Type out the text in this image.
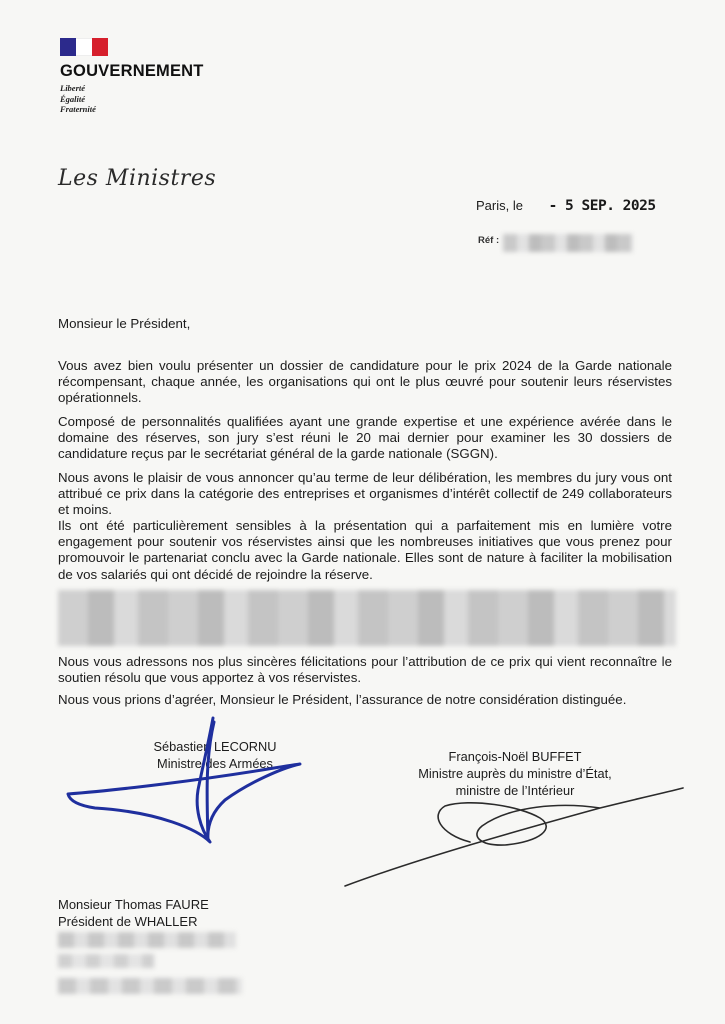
GOUVERNEMENT
Liberté
Égalité
Fraternité
Les Ministres
Paris, le - 5 SEP. 2025
Réf :
Monsieur le Président,
Vous avez bien voulu présenter un dossier de candidature pour le prix 2024 de la Garde nationale récompensant, chaque année, les organisations qui ont le plus œuvré pour soutenir leurs réservistes opérationnels.
Composé de personnalités qualifiées ayant une grande expertise et une expérience avérée dans le domaine des réserves, son jury s’est réuni le 20 mai dernier pour examiner les 30 dossiers de candidature reçus par le secrétariat général de la garde nationale (SGGN).
Nous avons le plaisir de vous annoncer qu’au terme de leur délibération, les membres du jury vous ont attribué ce prix dans la catégorie des entreprises et organismes d’intérêt collectif de 249 collaborateurs et moins.
Ils ont été particulièrement sensibles à la présentation qui a parfaitement mis en lumière votre engagement pour soutenir vos réservistes ainsi que les nombreuses initiatives que vous prenez pour promouvoir le partenariat conclu avec la Garde nationale. Elles sont de nature à faciliter la mobilisation de vos salariés qui ont décidé de rejoindre la réserve.
Nous vous adressons nos plus sincères félicitations pour l’attribution de ce prix qui vient reconnaître le soutien résolu que vous apportez à vos réservistes.
Nous vous prions d’agréer, Monsieur le Président, l’assurance de notre considération distinguée.
Sébastien LECORNU
Ministre des Armées	François-Noël BUFFET
Ministre auprès du ministre d’État,
ministre de l’Intérieur
Monsieur Thomas FAURE
Président de WHALLER
